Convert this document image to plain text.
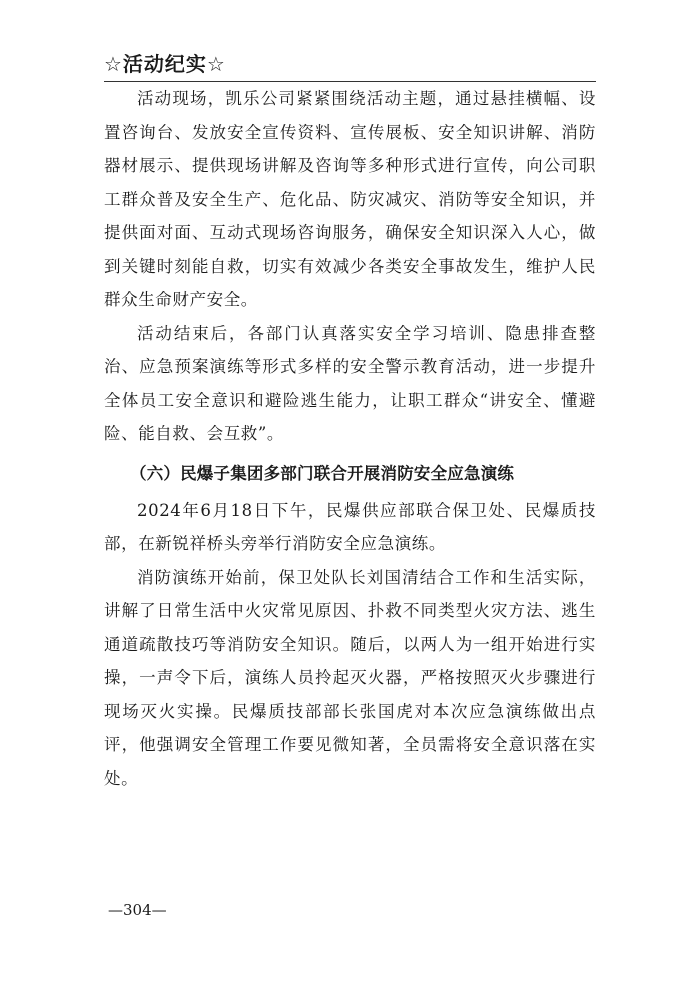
☆活动纪实☆

活动现场，凯乐公司紧紧围绕活动主题，通过悬挂横幅、设置咨询台、发放安全宣传资料、宣传展板、安全知识讲解、消防器材展示、提供现场讲解及咨询等多种形式进行宣传，向公司职工群众普及安全生产、危化品、防灾减灾、消防等安全知识，并提供面对面、互动式现场咨询服务，确保安全知识深入人心，做到关键时刻能自救，切实有效减少各类安全事故发生，维护人民群众生命财产安全。

活动结束后，各部门认真落实安全学习培训、隐患排查整治、应急预案演练等形式多样的安全警示教育活动，进一步提升全体员工安全意识和避险逃生能力，让职工群众“讲安全、懂避险、能自救、会互救”。

（六）民爆子集团多部门联合开展消防安全应急演练

2024年6月18日下午，民爆供应部联合保卫处、民爆质技部，在新锐祥桥头旁举行消防安全应急演练。

消防演练开始前，保卫处队长刘国清结合工作和生活实际，讲解了日常生活中火灾常见原因、扑救不同类型火灾方法、逃生通道疏散技巧等消防安全知识。随后，以两人为一组开始进行实操，一声令下后，演练人员拎起灭火器，严格按照灭火步骤进行现场灭火实操。民爆质技部部长张国虎对本次应急演练做出点评，他强调安全管理工作要见微知著，全员需将安全意识落在实处。

—304—
